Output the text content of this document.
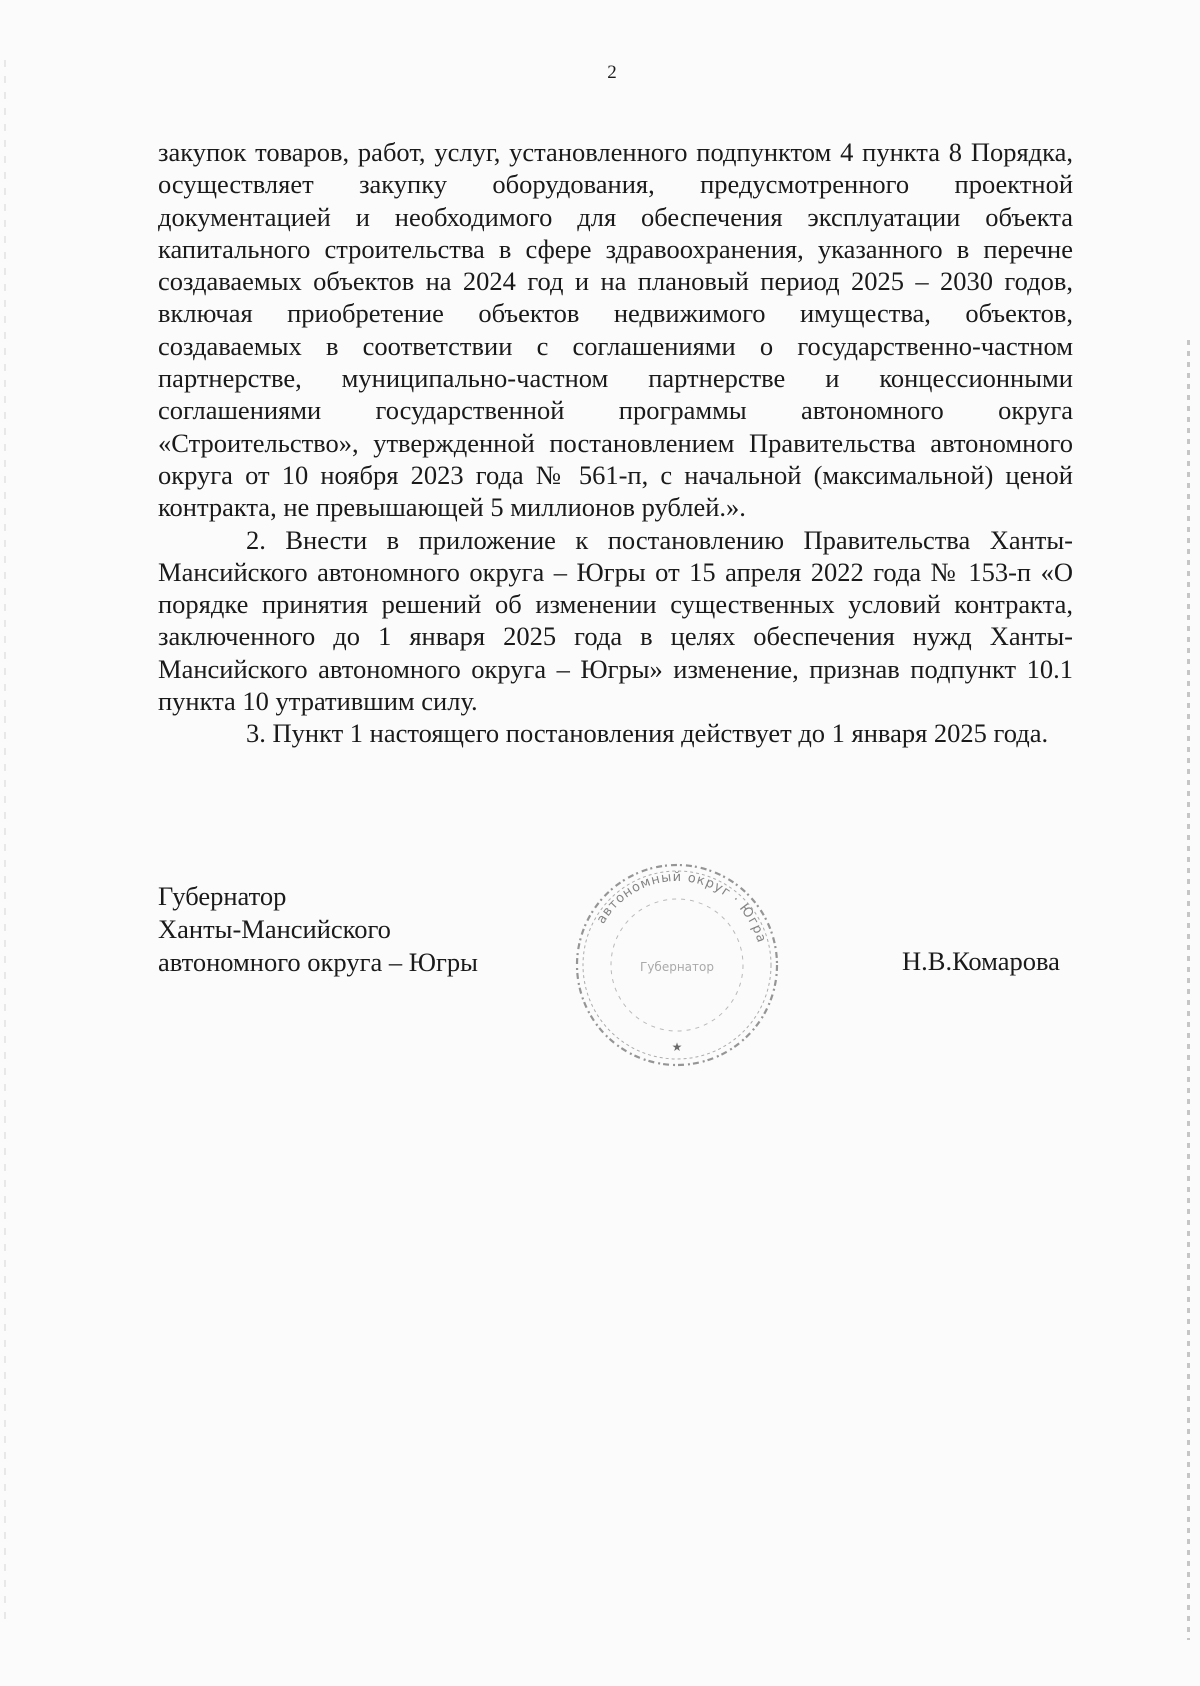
2

закупок товаров, работ, услуг, установленного подпунктом 4 пункта 8 Порядка, осуществляет закупку оборудования, предусмотренного проектной документацией и необходимого для обеспечения эксплуатации объекта капитального строительства в сфере здравоохранения, указанного в перечне создаваемых объектов на 2024 год и на плановый период 2025 – 2030 годов, включая приобретение объектов недвижимого имущества, объектов, создаваемых в соответствии с соглашениями о государственно-частном партнерстве, муниципально-частном партнерстве и концессионными соглашениями государственной программы автономного округа «Строительство», утвержденной постановлением Правительства автономного округа от 10 ноября 2023 года № 561-п, с начальной (максимальной) ценой контракта, не превышающей 5 миллионов рублей.».

2. Внести в приложение к постановлению Правительства Ханты-Мансийского автономного округа – Югры от 15 апреля 2022 года № 153-п «О порядке принятия решений об изменении существенных условий контракта, заключенного до 1 января 2025 года в целях обеспечения нужд Ханты-Мансийского автономного округа – Югры» изменение, признав подпункт 10.1 пункта 10 утратившим силу.

3. Пункт 1 настоящего постановления действует до 1 января 2025 года.

Губернатор
Ханты-Мансийского
автономного округа – Югры
автономный округ · Югра
Губернатор
★
Н.В.Комарова
